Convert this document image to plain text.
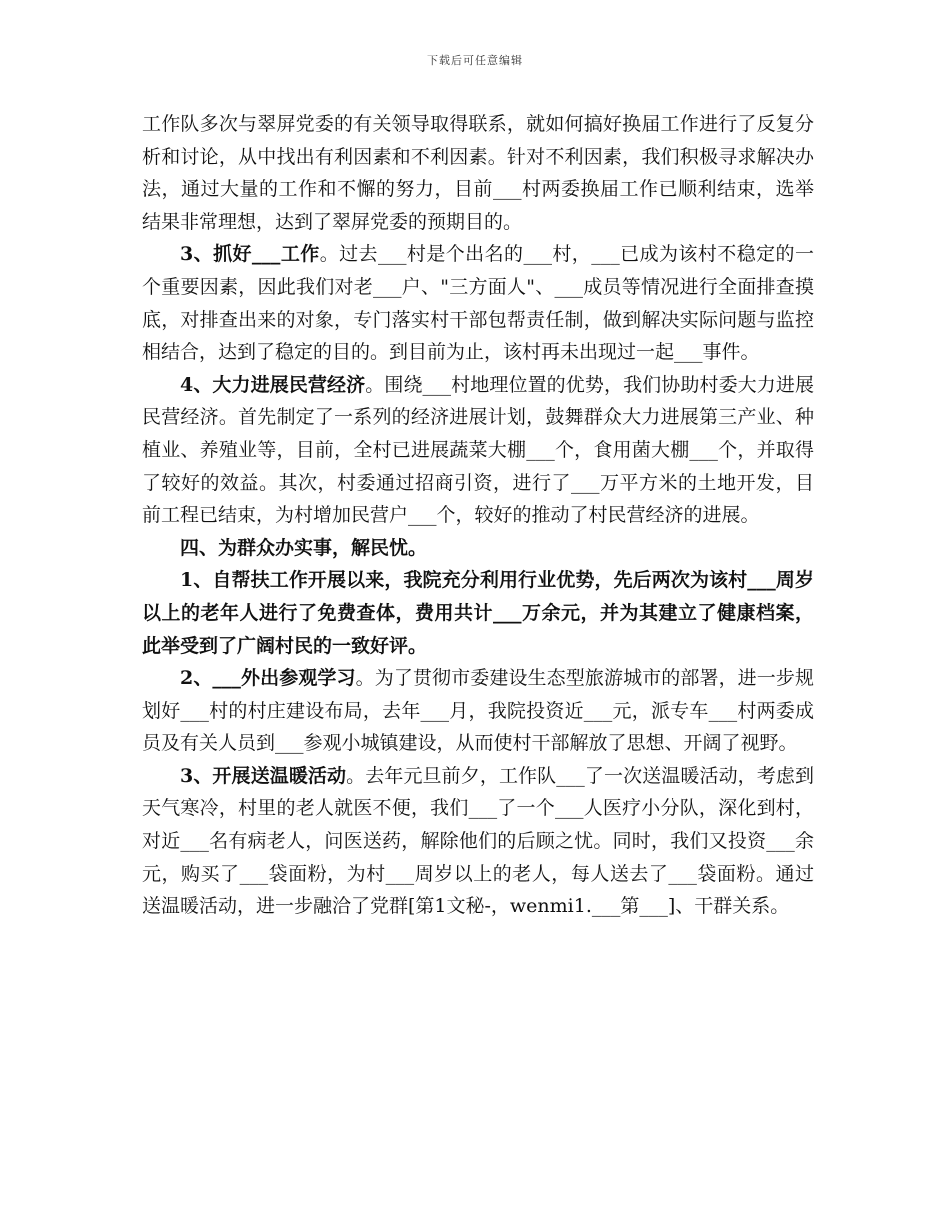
下载后可任意编辑

工作队多次与翠屏党委的有关领导取得联系，就如何搞好换届工作进行了反复分析和讨论，从中找出有利因素和不利因素。针对不利因素，我们积极寻求解决办法，通过大量的工作和不懈的努力，目前___村两委换届工作已顺利结束，选举结果非常理想，达到了翠屏党委的预期目的。

3、抓好___工作。过去___村是个出名的___村，___已成为该村不稳定的一个重要因素，因此我们对老___户、"三方面人"、___成员等情况进行全面排查摸底，对排查出来的对象，专门落实村干部包帮责任制，做到解决实际问题与监控相结合，达到了稳定的目的。到目前为止，该村再未出现过一起___事件。

4、大力进展民营经济。围绕___村地理位置的优势，我们协助村委大力进展民营经济。首先制定了一系列的经济进展计划，鼓舞群众大力进展第三产业、种植业、养殖业等，目前，全村已进展蔬菜大棚___个，食用菌大棚___个，并取得了较好的效益。其次，村委通过招商引资，进行了___万平方米的土地开发，目前工程已结束，为村增加民营户___个，较好的推动了村民营经济的进展。

四、为群众办实事，解民忧。

1、自帮扶工作开展以来，我院充分利用行业优势，先后两次为该村___周岁以上的老年人进行了免费查体，费用共计___万余元，并为其建立了健康档案，此举受到了广阔村民的一致好评。

2、___外出参观学习。为了贯彻市委建设生态型旅游城市的部署，进一步规划好___村的村庄建设布局，去年___月，我院投资近___元，派专车___村两委成员及有关人员到___参观小城镇建设，从而使村干部解放了思想、开阔了视野。

3、开展送温暖活动。去年元旦前夕，工作队___了一次送温暖活动，考虑到天气寒冷，村里的老人就医不便，我们___了一个___人医疗小分队，深化到村，对近___名有病老人，问医送药，解除他们的后顾之忧。同时，我们又投资___余元，购买了___袋面粉，为村___周岁以上的老人，每人送去了___袋面粉。通过送温暖活动，进一步融洽了党群[第1文秘-，wenmi1.___第___]、干群关系。
